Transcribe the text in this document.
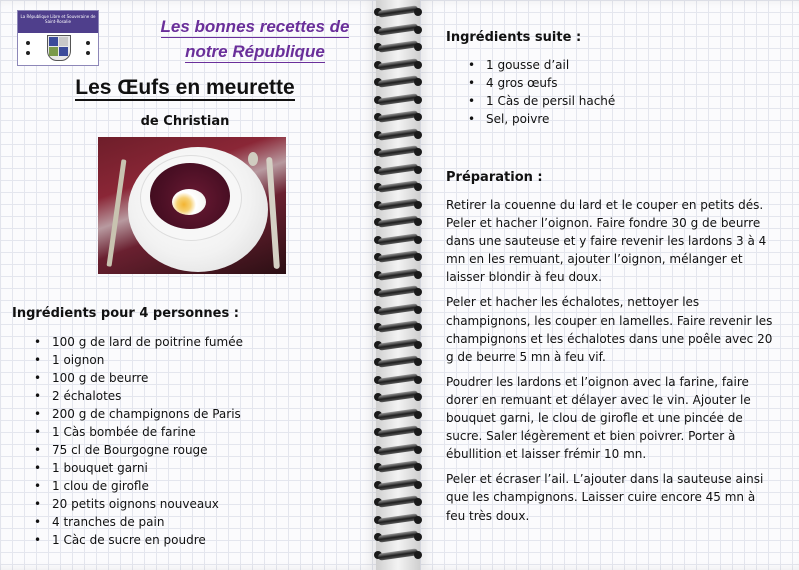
La République Libre et Souveraine de Saint-Rosalie	Les bonnes recettes de
notre République
Les Œufs en meurette
de Christian
Ingrédients pour 4 personnes :
• 100 g de lard de poitrine fumée
• 1 oignon
• 100 g de beurre
• 2 échalotes
• 200 g de champignons de Paris
• 1 Càs bombée de farine
• 75 cl de Bourgogne rouge
• 1 bouquet garni
• 1 clou de girofle
• 20 petits oignons nouveaux
• 4 tranches de pain
• 1 Càc de sucre en poudre
Ingrédients suite :
• 1 gousse d’ail
• 4 gros œufs
• 1 Càs de persil haché
• Sel, poivre
Préparation :

Retirer la couenne du lard et le couper en petits dés. Peler et hacher l’oignon. Faire fondre 30 g de beurre dans une sauteuse et y faire revenir les lardons 3 à 4 mn en les remuant, ajouter l’oignon, mélanger et laisser blondir à feu doux.

Peler et hacher les échalotes, nettoyer les champignons, les couper en lamelles. Faire revenir les champignons et les échalotes dans une poêle avec 20 g de beurre 5 mn à feu vif.

Poudrer les lardons et l’oignon avec la farine, faire dorer en remuant et délayer avec le vin. Ajouter le bouquet garni, le clou de girofle et une pincée de sucre. Saler légèrement et bien poivrer. Porter à ébullition et laisser frémir 10 mn.

Peler et écraser l’ail. L’ajouter dans la sauteuse ainsi que les champignons. Laisser cuire encore 45 mn à feu très doux.
